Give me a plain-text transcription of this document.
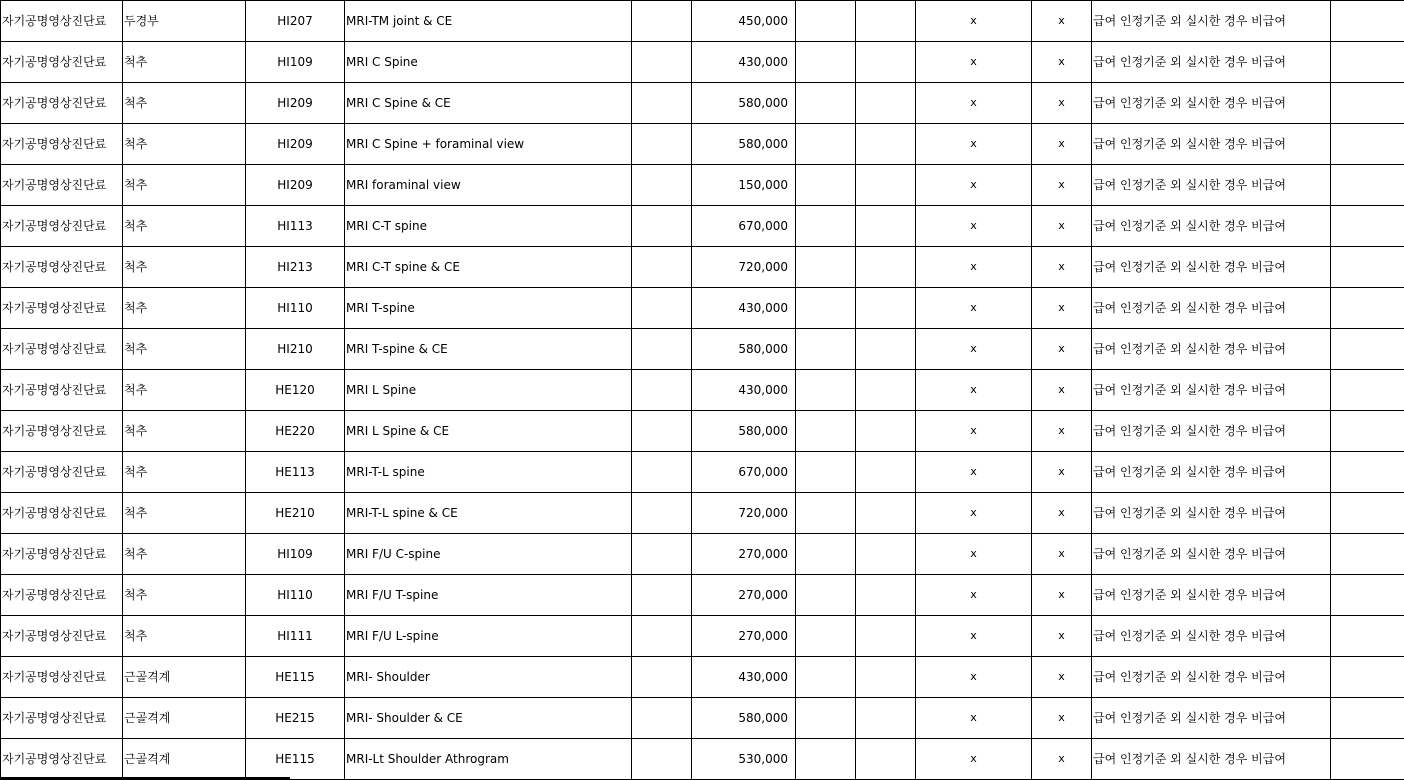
자기공명영상진단료	두경부	HI207	MRI-TM joint & CE		450,000			x	x	급여 인정기준 외 실시한 경우 비급여	
자기공명영상진단료	척추	HI109	MRI C Spine		430,000			x	x	급여 인정기준 외 실시한 경우 비급여	
자기공명영상진단료	척추	HI209	MRI C Spine & CE		580,000			x	x	급여 인정기준 외 실시한 경우 비급여	
자기공명영상진단료	척추	HI209	MRI C Spine + foraminal view		580,000			x	x	급여 인정기준 외 실시한 경우 비급여	
자기공명영상진단료	척추	HI209	MRI foraminal view		150,000			x	x	급여 인정기준 외 실시한 경우 비급여	
자기공명영상진단료	척추	HI113	MRI C-T spine		670,000			x	x	급여 인정기준 외 실시한 경우 비급여	
자기공명영상진단료	척추	HI213	MRI C-T spine & CE		720,000			x	x	급여 인정기준 외 실시한 경우 비급여	
자기공명영상진단료	척추	HI110	MRI T-spine		430,000			x	x	급여 인정기준 외 실시한 경우 비급여	
자기공명영상진단료	척추	HI210	MRI T-spine & CE		580,000			x	x	급여 인정기준 외 실시한 경우 비급여	
자기공명영상진단료	척추	HE120	MRI L Spine		430,000			x	x	급여 인정기준 외 실시한 경우 비급여	
자기공명영상진단료	척추	HE220	MRI L Spine & CE		580,000			x	x	급여 인정기준 외 실시한 경우 비급여	
자기공명영상진단료	척추	HE113	MRI-T-L spine		670,000			x	x	급여 인정기준 외 실시한 경우 비급여	
자기공명영상진단료	척추	HE210	MRI-T-L spine & CE		720,000			x	x	급여 인정기준 외 실시한 경우 비급여	
자기공명영상진단료	척추	HI109	MRI F/U C-spine		270,000			x	x	급여 인정기준 외 실시한 경우 비급여	
자기공명영상진단료	척추	HI110	MRI F/U T-spine		270,000			x	x	급여 인정기준 외 실시한 경우 비급여	
자기공명영상진단료	척추	HI111	MRI F/U L-spine		270,000			x	x	급여 인정기준 외 실시한 경우 비급여	
자기공명영상진단료	근골격계	HE115	MRI- Shoulder		430,000			x	x	급여 인정기준 외 실시한 경우 비급여	
자기공명영상진단료	근골격계	HE215	MRI- Shoulder & CE		580,000			x	x	급여 인정기준 외 실시한 경우 비급여	
자기공명영상진단료	근골격계	HE115	MRI-Lt Shoulder Athrogram		530,000			x	x	급여 인정기준 외 실시한 경우 비급여	
